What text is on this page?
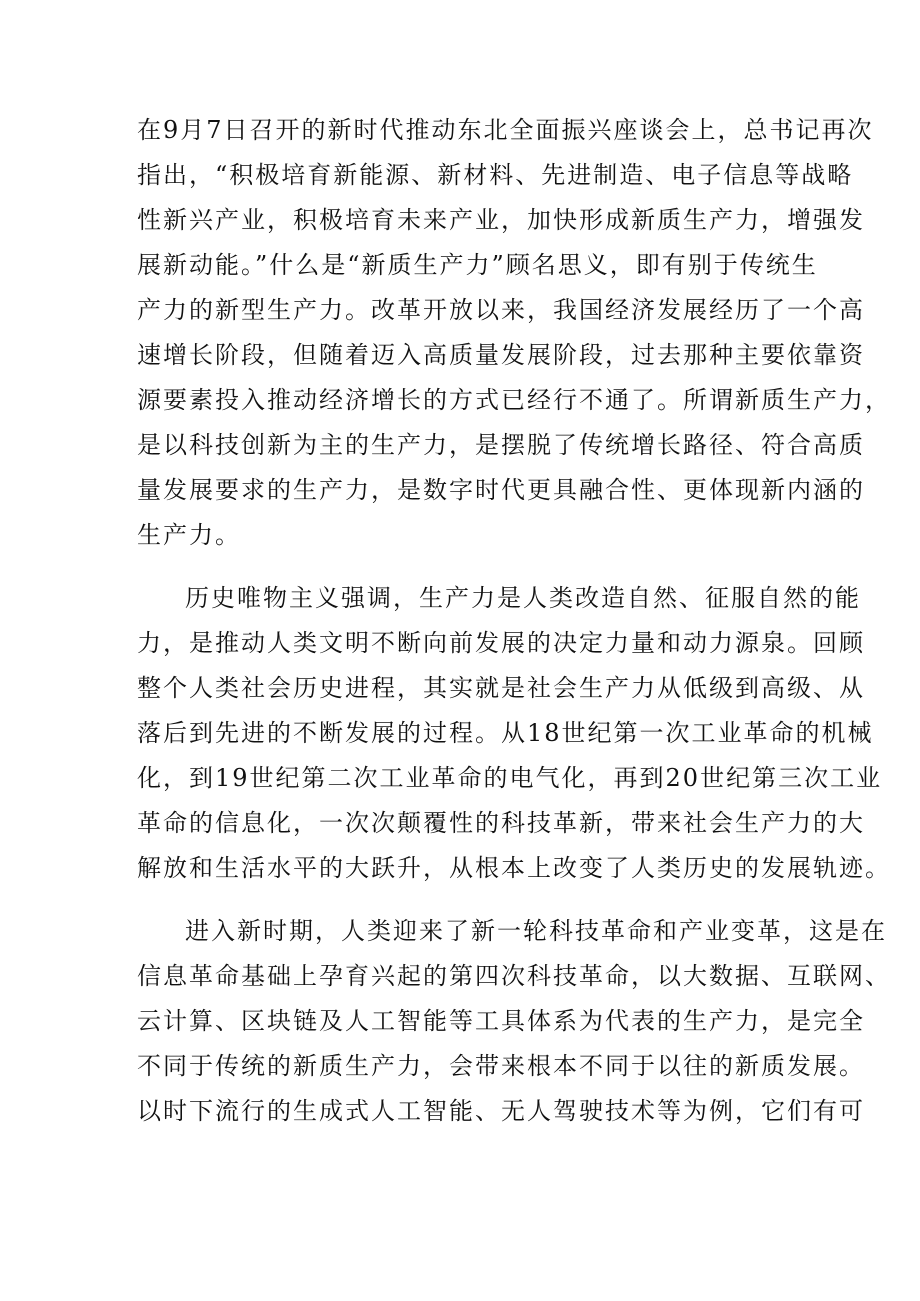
在9月7日召开的新时代推动东北全面振兴座谈会上，总书记再次
指出，“积极培育新能源、新材料、先进制造、电子信息等战略
性新兴产业，积极培育未来产业，加快形成新质生产力，增强发
展新动能。”什么是“新质生产力”顾名思义，即有别于传统生
产力的新型生产力。改革开放以来，我国经济发展经历了一个高
速增长阶段，但随着迈入高质量发展阶段，过去那种主要依靠资
源要素投入推动经济增长的方式已经行不通了。所谓新质生产力，
是以科技创新为主的生产力，是摆脱了传统增长路径、符合高质
量发展要求的生产力，是数字时代更具融合性、更体现新内涵的
生产力。
历史唯物主义强调，生产力是人类改造自然、征服自然的能
力，是推动人类文明不断向前发展的决定力量和动力源泉。回顾
整个人类社会历史进程，其实就是社会生产力从低级到高级、从
落后到先进的不断发展的过程。从18世纪第一次工业革命的机械
化，到19世纪第二次工业革命的电气化，再到20世纪第三次工业
革命的信息化，一次次颠覆性的科技革新，带来社会生产力的大
解放和生活水平的大跃升，从根本上改变了人类历史的发展轨迹。
进入新时期，人类迎来了新一轮科技革命和产业变革，这是在
信息革命基础上孕育兴起的第四次科技革命，以大数据、互联网、
云计算、区块链及人工智能等工具体系为代表的生产力，是完全
不同于传统的新质生产力，会带来根本不同于以往的新质发展。
以时下流行的生成式人工智能、无人驾驶技术等为例，它们有可
